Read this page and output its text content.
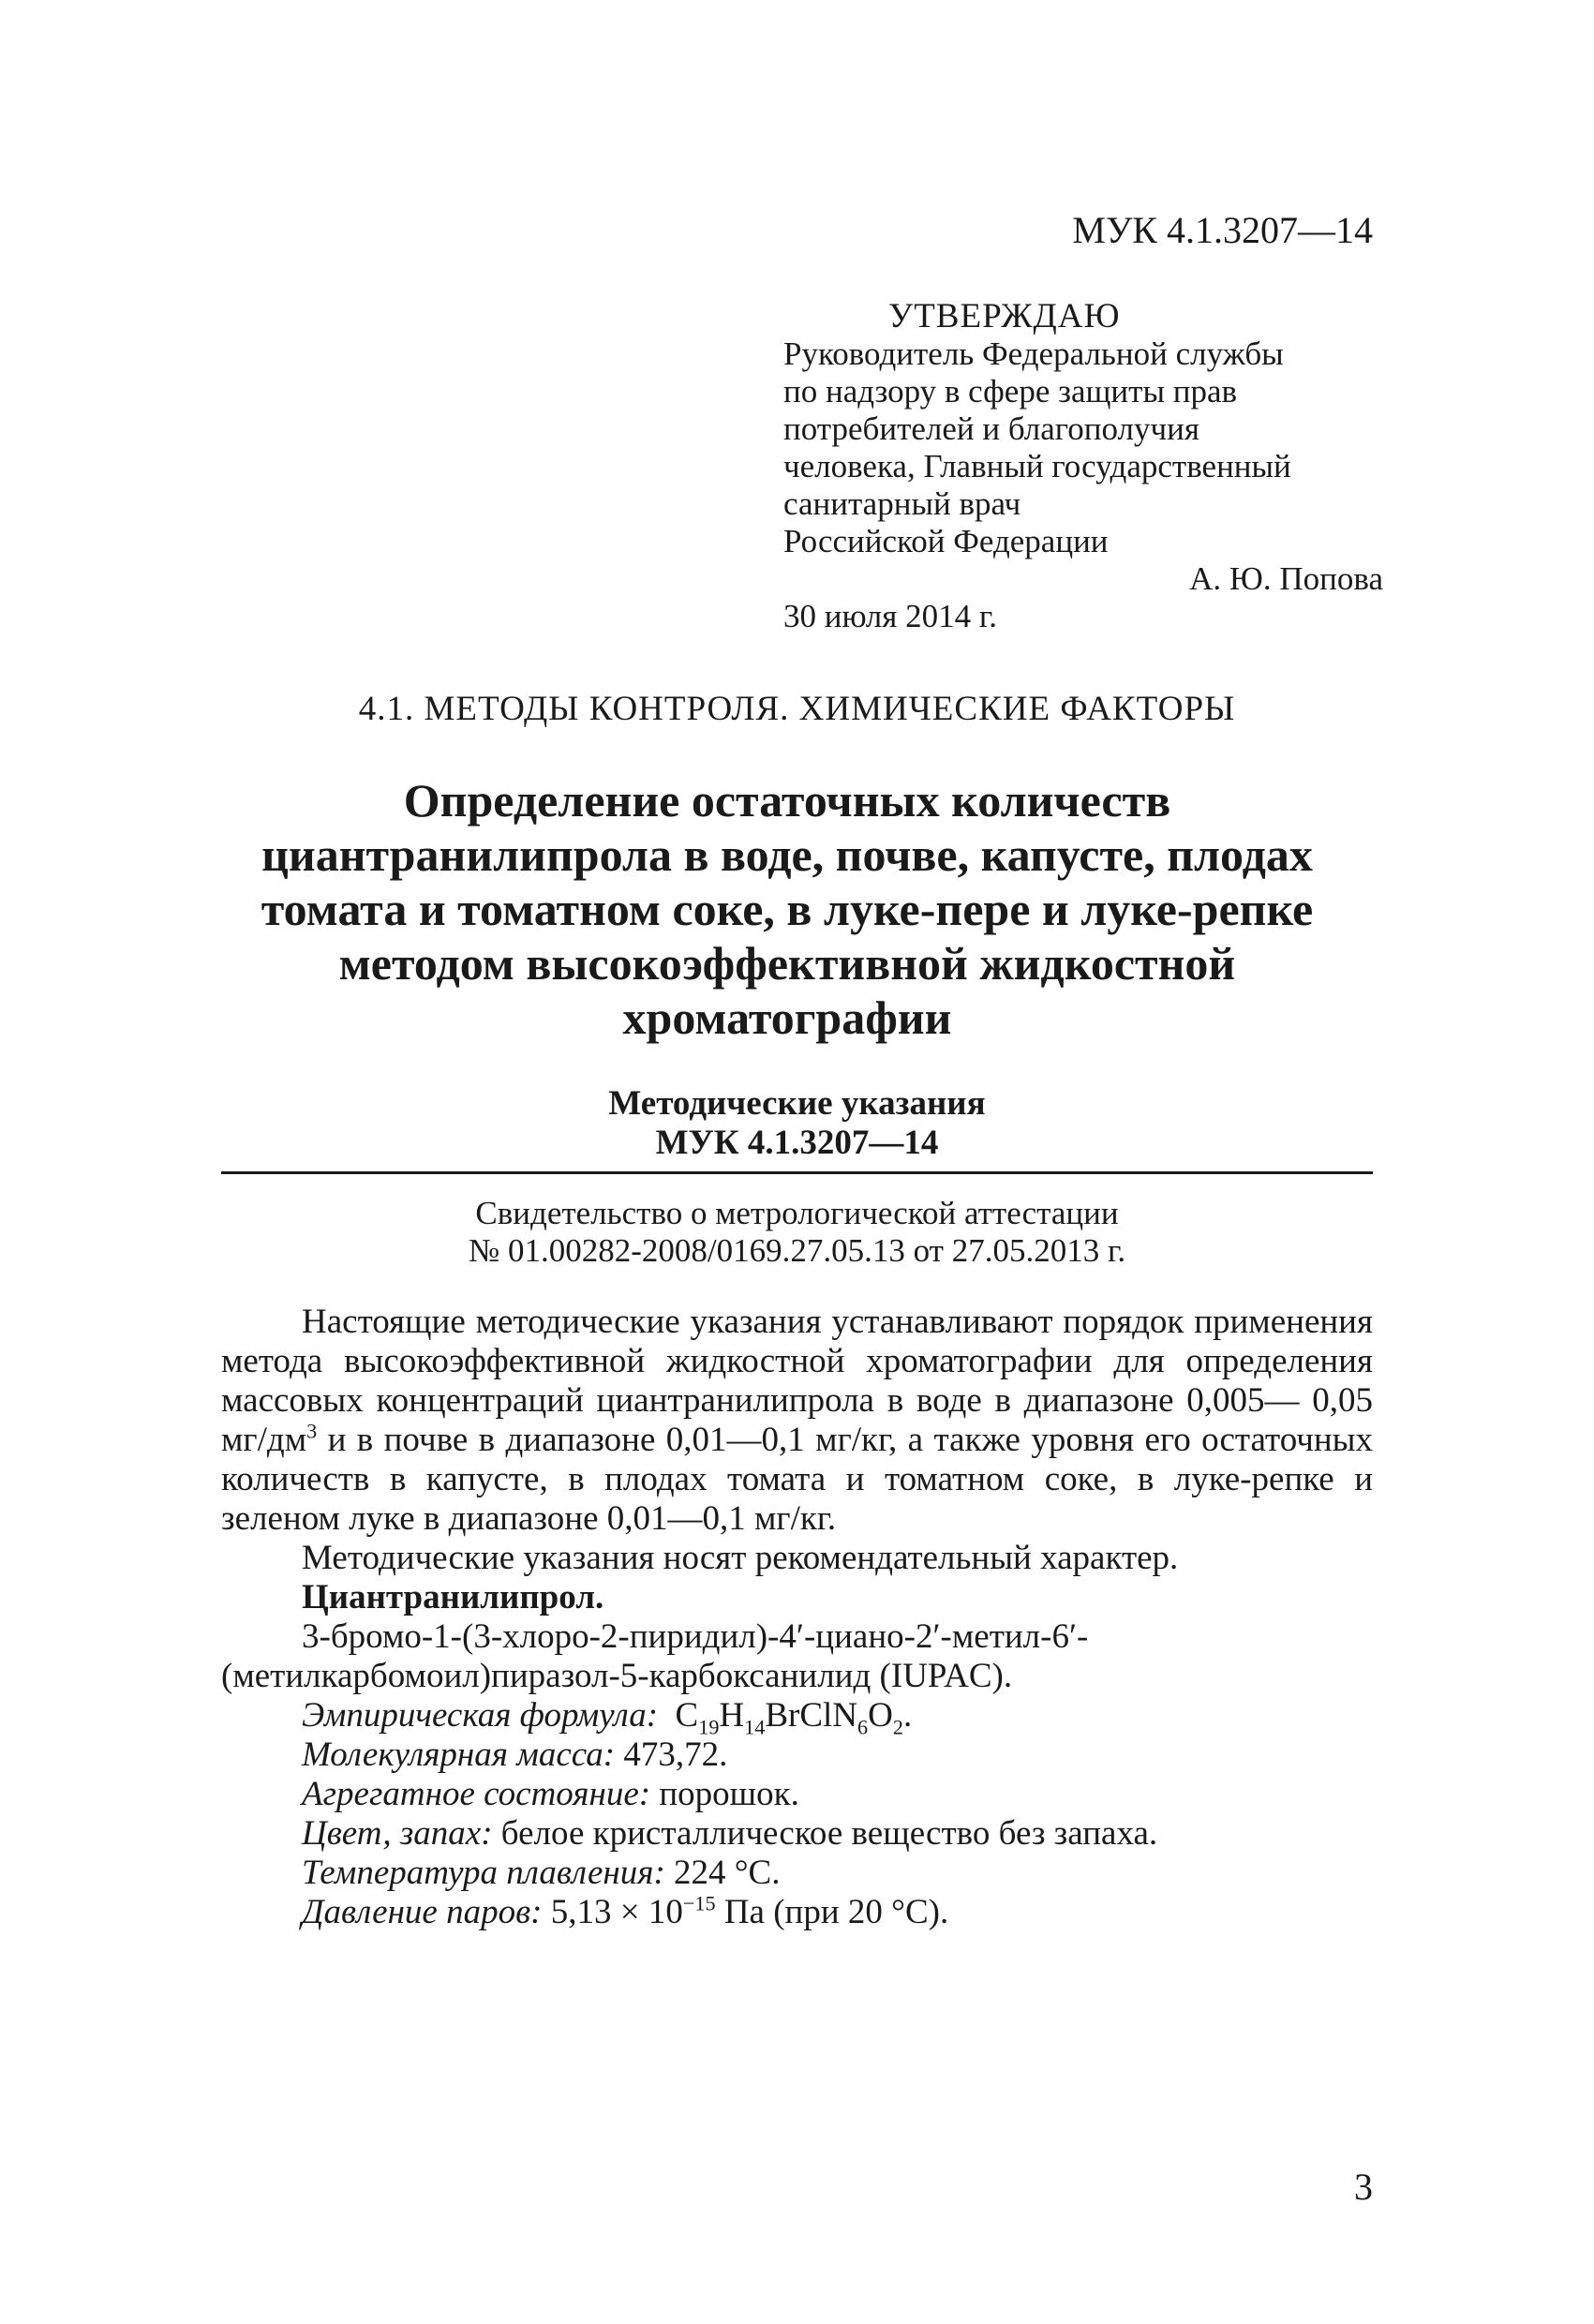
МУК 4.1.3207—14
УТВЕРЖДАЮ
Руководитель Федеральной службы
по надзору в сфере защиты прав
потребителей и благополучия
человека, Главный государственный
санитарный врач
Российской Федерации
А. Ю. Попова
30 июля 2014 г.
4.1. МЕТОДЫ КОНТРОЛЯ. ХИМИЧЕСКИЕ ФАКТОРЫ
Определение остаточных количеств
циантранилипрола в воде, почве, капусте, плодах
томата и томатном соке, в луке-пере и луке-репке
методом высокоэффективной жидкостной
хроматографии
Методические указания
МУК 4.1.3207—14
Свидетельство о метрологической аттестации
№ 01.00282-2008/0169.27.05.13 от 27.05.2013 г.

Настоящие методические указания устанавливают порядок применения метода высокоэффективной жидкостной хроматографии для определения массовых концентраций циантранилипрола в воде в диапазоне 0,005— 0,05 $мг/дм^3$ и в почве в диапазоне 0,01—0,1 мг/кг, а также уровня его остаточных количеств в капусте, в плодах томата и томатном соке, в луке-репке и зеленом луке в диапазоне 0,01—0,1 мг/кг.

Методические указания носят рекомендательный характер.

Циантранилипрол.

3-бромо-1-(3-хлоро-2-пиридил)-4′-циано-2′-метил-6′-(метилкарбомоил)пиразол-5-карбоксанилид (IUPAC).

Эмпирическая формула: $C_{19}H_{14}BrClN_6O_2$.

Молекулярная масса: 473,72.

Агрегатное состояние: порошок.

Цвет, запах: белое кристаллическое вещество без запаха.

Температура плавления: 224 °С.

Давление паров: $5,13 \times 10^{-15}$ Па (при 20 °С).

3
